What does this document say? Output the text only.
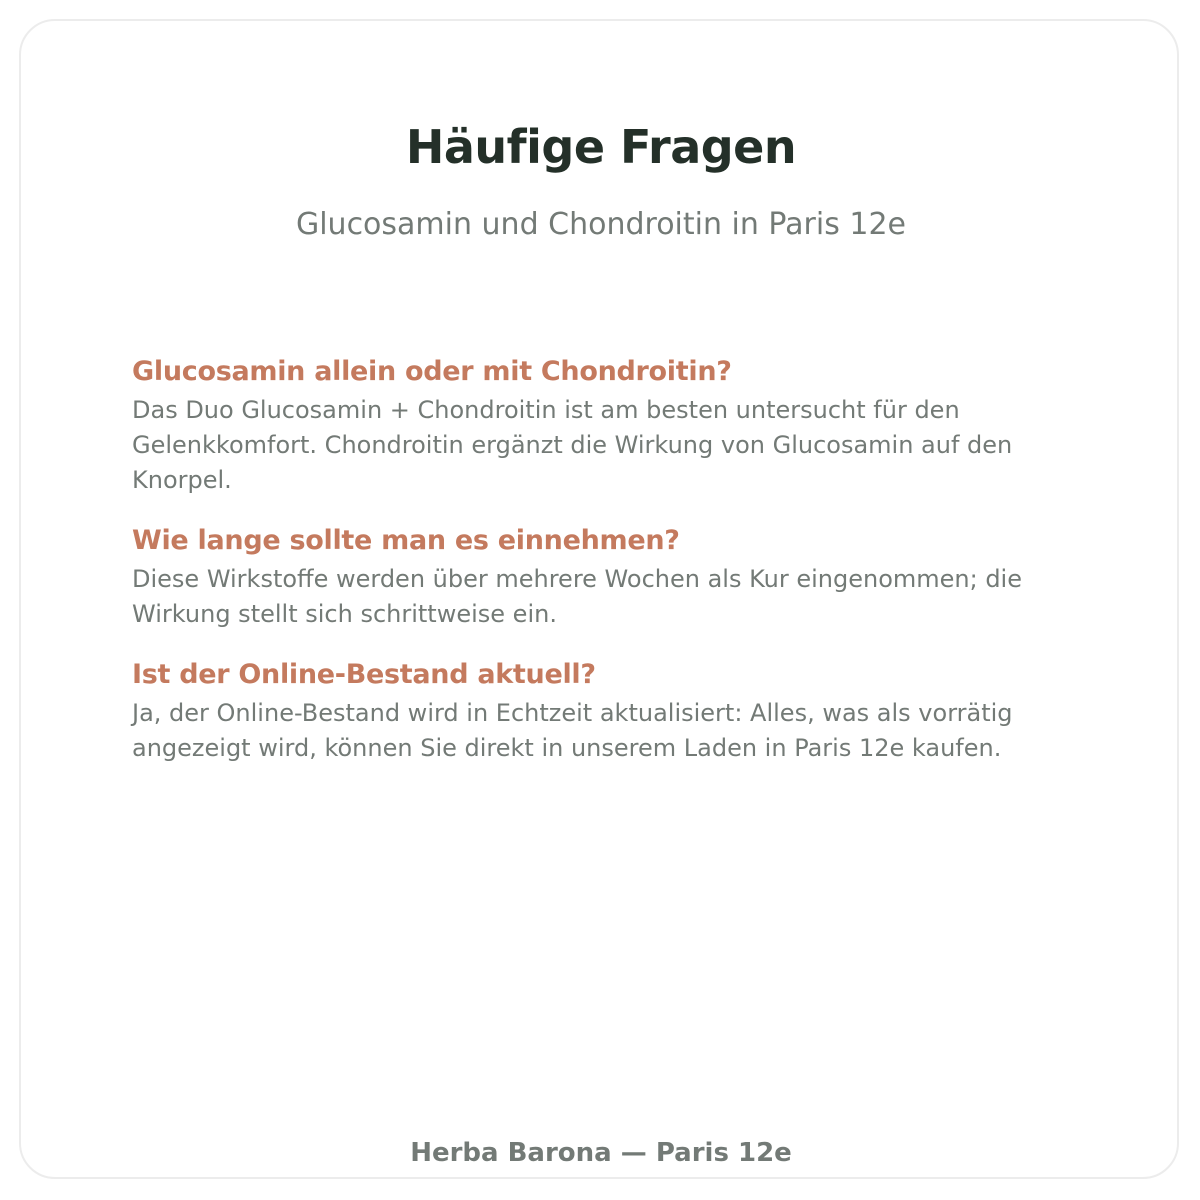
Häufige Fragen

Glucosamin und Chondroitin in Paris 12e

Glucosamin allein oder mit Chondroitin?

Das Duo Glucosamin + Chondroitin ist am besten untersucht für den Gelenkkomfort. Chondroitin ergänzt die Wirkung von Glucosamin auf den Knorpel.

Wie lange sollte man es einnehmen?

Diese Wirkstoffe werden über mehrere Wochen als Kur eingenommen; die Wirkung stellt sich schrittweise ein.

Ist der Online-Bestand aktuell?

Ja, der Online-Bestand wird in Echtzeit aktualisiert: Alles, was als vorrätig angezeigt wird, können Sie direkt in unserem Laden in Paris 12e kaufen.

Herba Barona — Paris 12e
